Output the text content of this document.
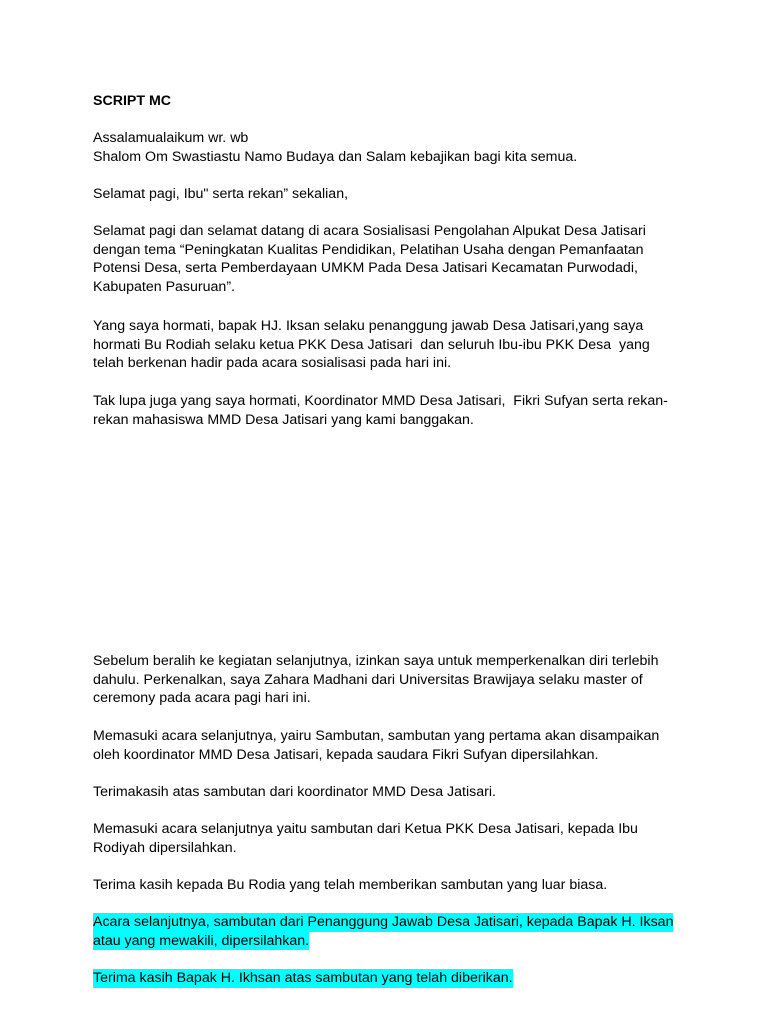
SCRIPT MC
Assalamualaikum wr. wb
Shalom Om Swastiastu Namo Budaya dan Salam kebajikan bagi kita semua.
Selamat pagi, Ibu" serta rekan” sekalian,
Selamat pagi dan selamat datang di acara Sosialisasi Pengolahan Alpukat Desa Jatisari
dengan tema “Peningkatan Kualitas Pendidikan, Pelatihan Usaha dengan Pemanfaatan
Potensi Desa, serta Pemberdayaan UMKM Pada Desa Jatisari Kecamatan Purwodadi,
Kabupaten Pasuruan”.
Yang saya hormati, bapak HJ. Iksan selaku penanggung jawab Desa Jatisari,yang saya
hormati Bu Rodiah selaku ketua PKK Desa Jatisari  dan seluruh Ibu-ibu PKK Desa  yang
telah berkenan hadir pada acara sosialisasi pada hari ini.
Tak lupa juga yang saya hormati, Koordinator MMD Desa Jatisari,  Fikri Sufyan serta rekan-
rekan mahasiswa MMD Desa Jatisari yang kami banggakan.
Sebelum beralih ke kegiatan selanjutnya, izinkan saya untuk memperkenalkan diri terlebih
dahulu. Perkenalkan, saya Zahara Madhani dari Universitas Brawijaya selaku master of
ceremony pada acara pagi hari ini.
Memasuki acara selanjutnya, yairu Sambutan, sambutan yang pertama akan disampaikan
oleh koordinator MMD Desa Jatisari, kepada saudara Fikri Sufyan dipersilahkan.
Terimakasih atas sambutan dari koordinator MMD Desa Jatisari.
Memasuki acara selanjutnya yaitu sambutan dari Ketua PKK Desa Jatisari, kepada Ibu
Rodiyah dipersilahkan.
Terima kasih kepada Bu Rodia yang telah memberikan sambutan yang luar biasa.
Acara selanjutnya, sambutan dari Penanggung Jawab Desa Jatisari, kepada Bapak H. Iksan
atau yang mewakili, dipersilahkan.
Terima kasih Bapak H. Ikhsan atas sambutan yang telah diberikan.
